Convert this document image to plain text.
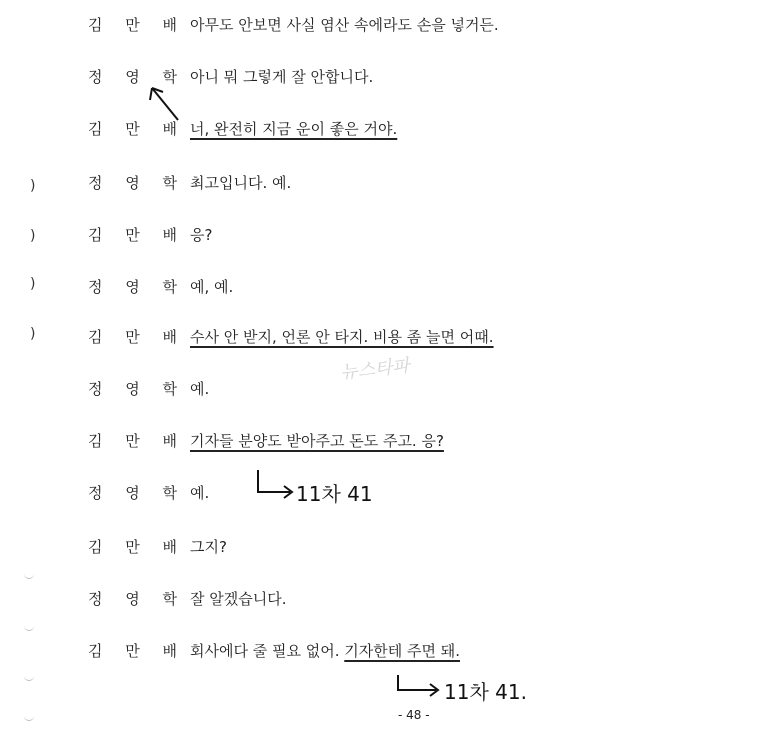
김 만 배 아무도 안보면 사실 염산 속에라도 손을 넣거든.
정 영 학 아니 뭐 그렇게 잘 안합니다.
김 만 배 너, 완전히 지금 운이 좋은 거야.
정 영 학 최고입니다. 예.
김 만 배 응?
정 영 학 예, 예.
김 만 배 수사 안 받지, 언론 안 타지. 비용 좀 늘면 어때.
정 영 학 예.
김 만 배 기자들 분양도 받아주고 돈도 주고. 응?
정 영 학 예.
김 만 배 그지?
정 영 학 잘 알겠습니다.
김 만 배 회사에다 줄 필요 없어. 기자한테 주면 돼.
뉴스타파
11차 41
11차 41.
)
)
)
)
- 48 -
